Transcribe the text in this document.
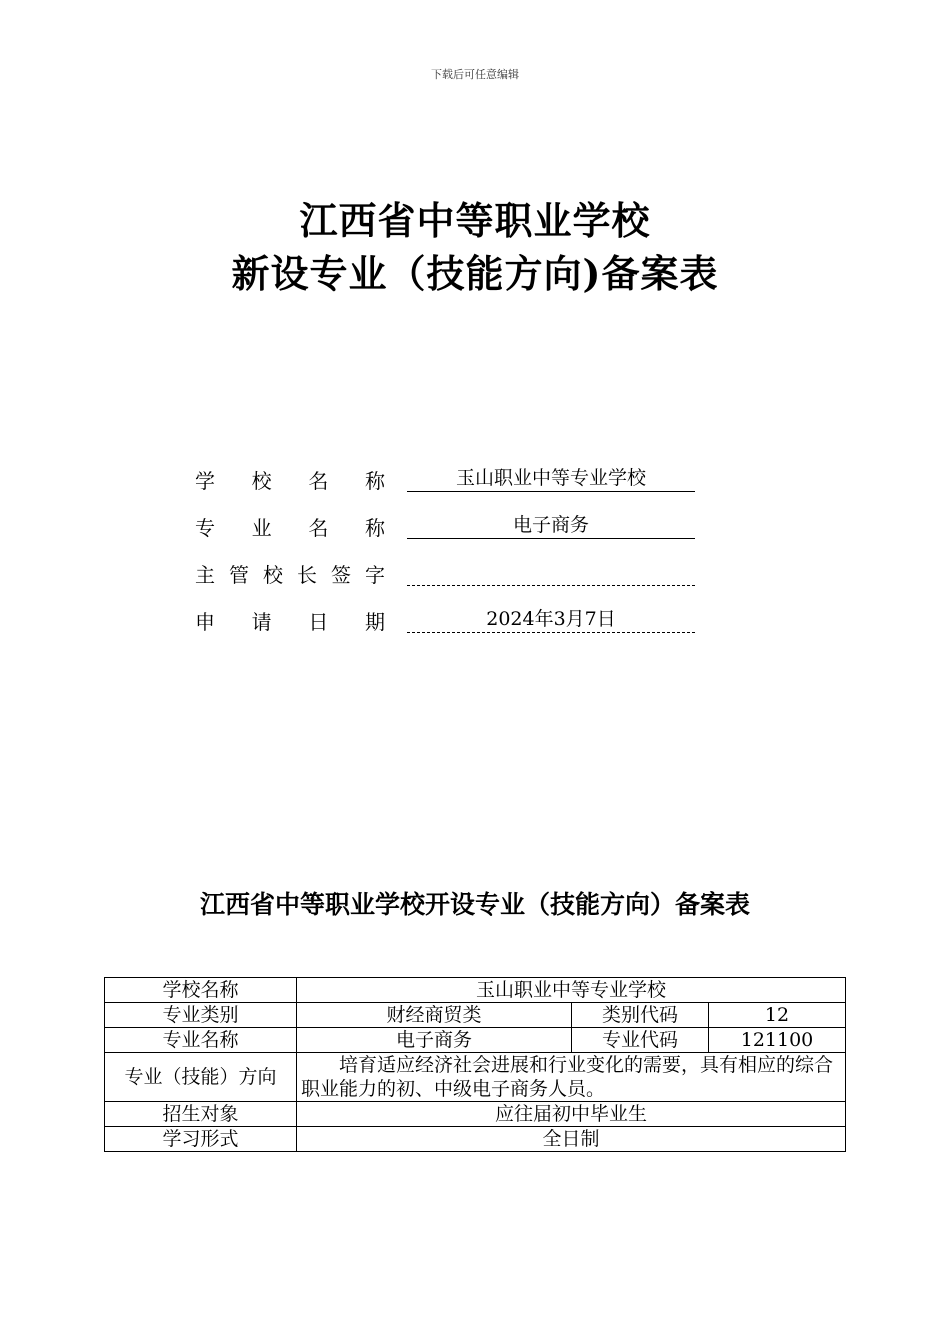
下载后可任意编辑
江西省中等职业学校
新设专业（技能方向)备案表
学 校 名 称	玉山职业中等专业学校
专 业 名 称	电子商务
主 管 校 长 签 字
申 请 日 期	2024年3月7日
江西省中等职业学校开设专业（技能方向）备案表
学校名称	玉山职业中等专业学校		
专业类别	财经商贸类	类别代码	12
专业名称	电子商务	专业代码	121100
专业（技能）方向	培育适应经济社会进展和行业变化的需要，具有相应的综合职业能力的初、中级电子商务人员。		
招生对象	应往届初中毕业生		
学习形式	全日制		
